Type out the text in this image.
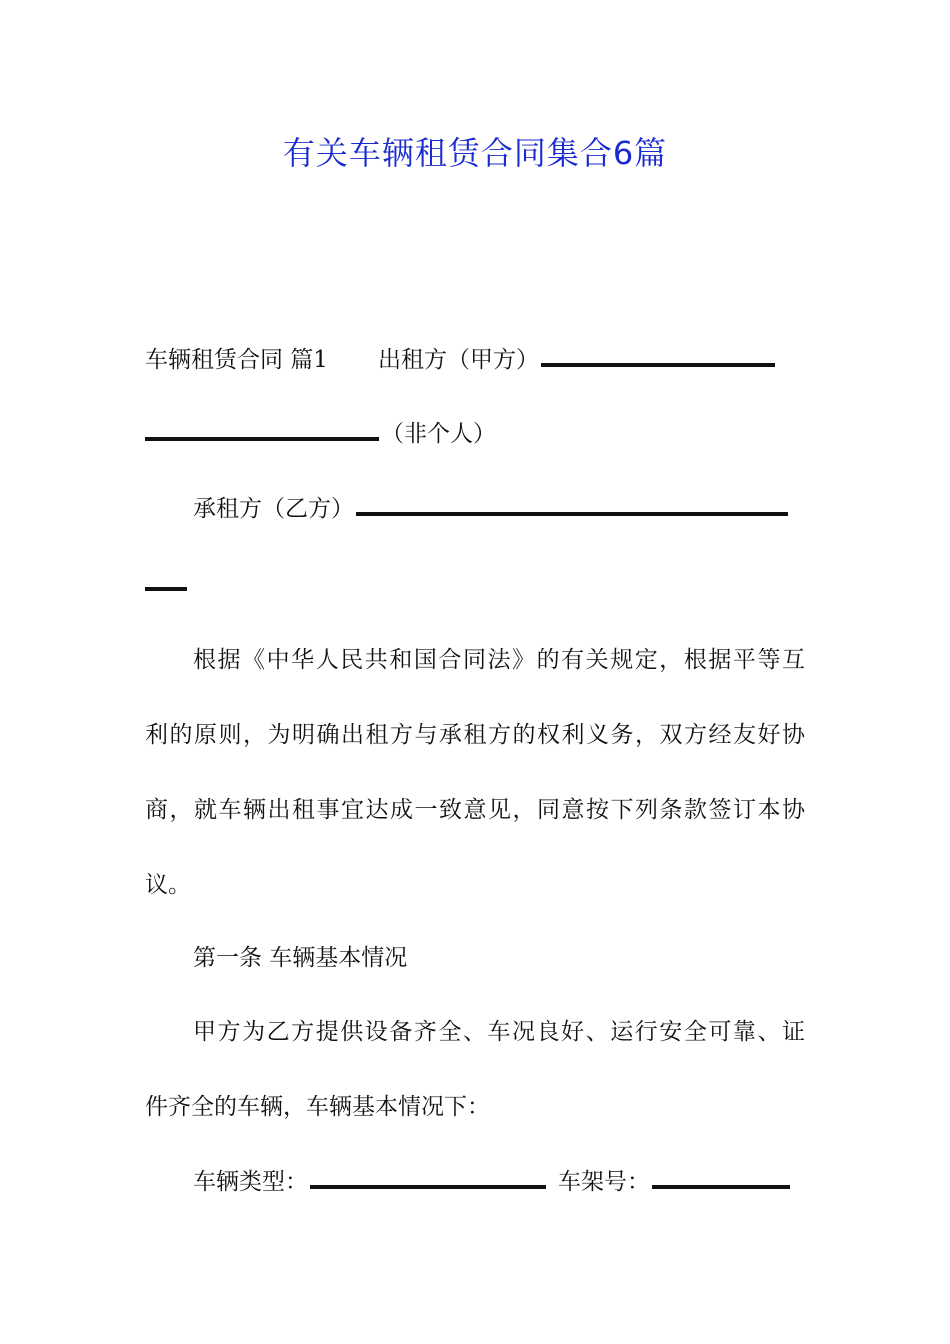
有关车辆租赁合同集合6篇
车辆租赁合同 篇1 出租方（甲方）
（非个人）
承租方（乙方）
根据《中华人民共和国合同法》的有关规定，根据平等互
利的原则，为明确出租方与承租方的权利义务，双方经友好协
商，就车辆出租事宜达成一致意见，同意按下列条款签订本协
议。
第一条 车辆基本情况
甲方为乙方提供设备齐全、车况良好、运行安全可靠、证
件齐全的车辆，车辆基本情况下：
车辆类型：	车架号：
